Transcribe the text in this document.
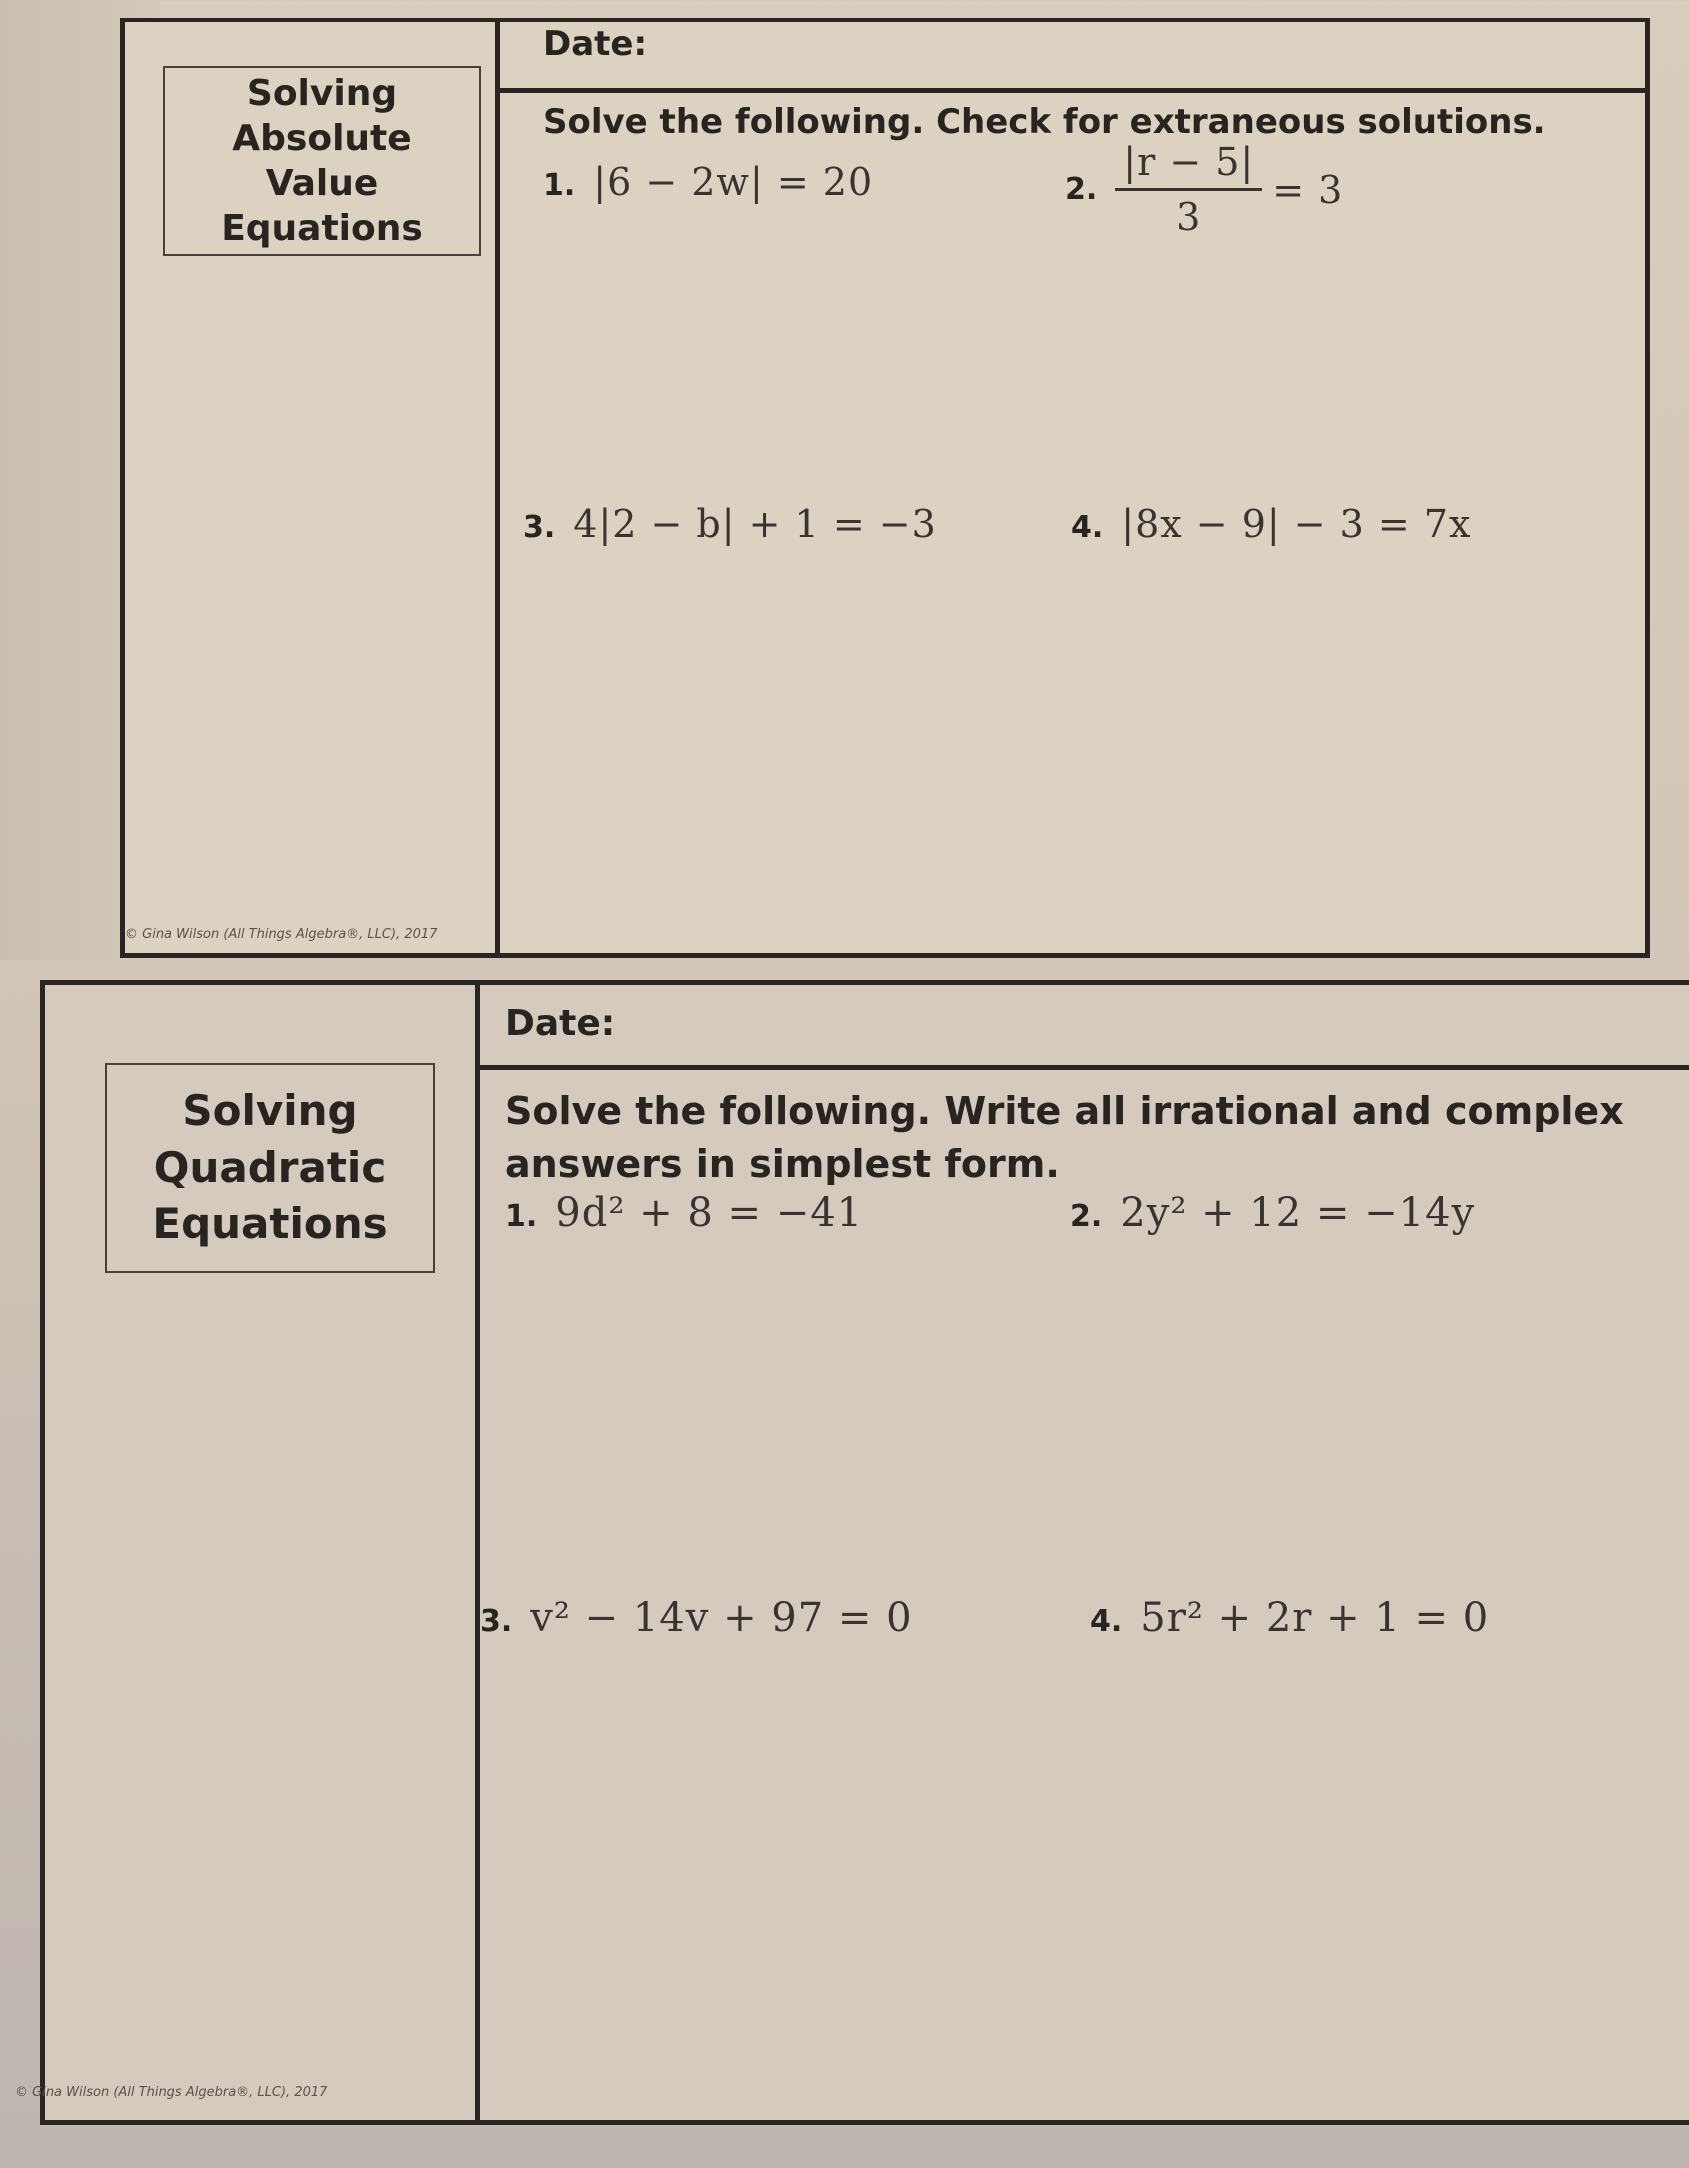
Solving
Absolute
Value
Equations
Date:
Solve the following. Check for extraneous solutions.
1. |6 − 2w| = 20	2. $\frac{|r - 5|}{3} = 3$
3. 4|2 − b| + 1 = −3	4. |8x − 9| − 3 = 7x
© Gina Wilson (All Things Algebra®, LLC), 2017
Solving
Quadratic
Equations
Date:
Solve the following. Write all irrational and complex
answers in simplest form.
1. 9d² + 8 = −41	2. 2y² + 12 = −14y
3. v² − 14v + 97 = 0	4. 5r² + 2r + 1 = 0
© Gina Wilson (All Things Algebra®, LLC), 2017
